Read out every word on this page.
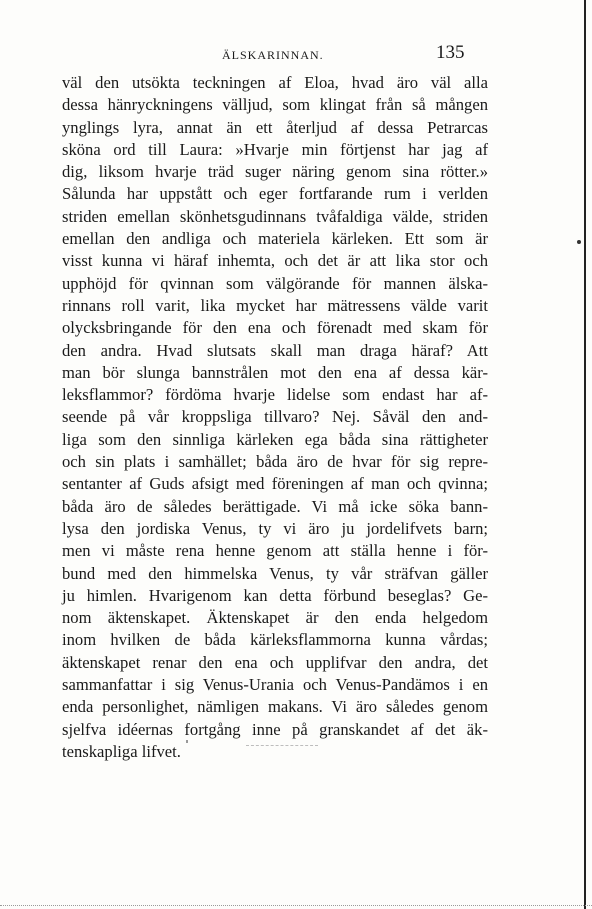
ÄLSKARINNAN.	135
väl den utsökta teckningen af Eloa, hvad äro väl alla
dessa hänryckningens välljud, som klingat från så mången
ynglings lyra, annat än ett återljud af dessa Petrarcas
sköna ord till Laura: »Hvarje min förtjenst har jag af
dig, liksom hvarje träd suger näring genom sina rötter.»
Sålunda har uppstått och eger fortfarande rum i verlden
striden emellan skönhetsgudinnans tvåfaldiga välde, striden
emellan den andliga och materiela kärleken. Ett som är
visst kunna vi häraf inhemta, och det är att lika stor och
upphöjd för qvinnan som välgörande för mannen älska-
rinnans roll varit, lika mycket har mätressens välde varit
olycksbringande för den ena och förenadt med skam för
den andra. Hvad slutsats skall man draga häraf? Att
man bör slunga bannstrålen mot den ena af dessa kär-
leksflammor? fördöma hvarje lidelse som endast har af-
seende på vår kroppsliga tillvaro? Nej. Såväl den and-
liga som den sinnliga kärleken ega båda sina rättigheter
och sin plats i samhället; båda äro de hvar för sig repre-
sentanter af Guds afsigt med föreningen af man och qvinna;
båda äro de således berättigade. Vi må icke söka bann-
lysa den jordiska Venus, ty vi äro ju jordelifvets barn;
men vi måste rena henne genom att ställa henne i för-
bund med den himmelska Venus, ty vår sträfvan gäller
ju himlen. Hvarigenom kan detta förbund beseglas? Ge-
nom äktenskapet. Äktenskapet är den enda helgedom
inom hvilken de båda kärleksflammorna kunna vårdas;
äktenskapet renar den ena och upplifvar den andra, det
sammanfattar i sig Venus-Urania och Venus-Pandämos i en
enda personlighet, nämligen makans. Vi äro således genom
sjelfva idéernas fortgång inne på granskandet af det äk-
tenskapliga lifvet.
